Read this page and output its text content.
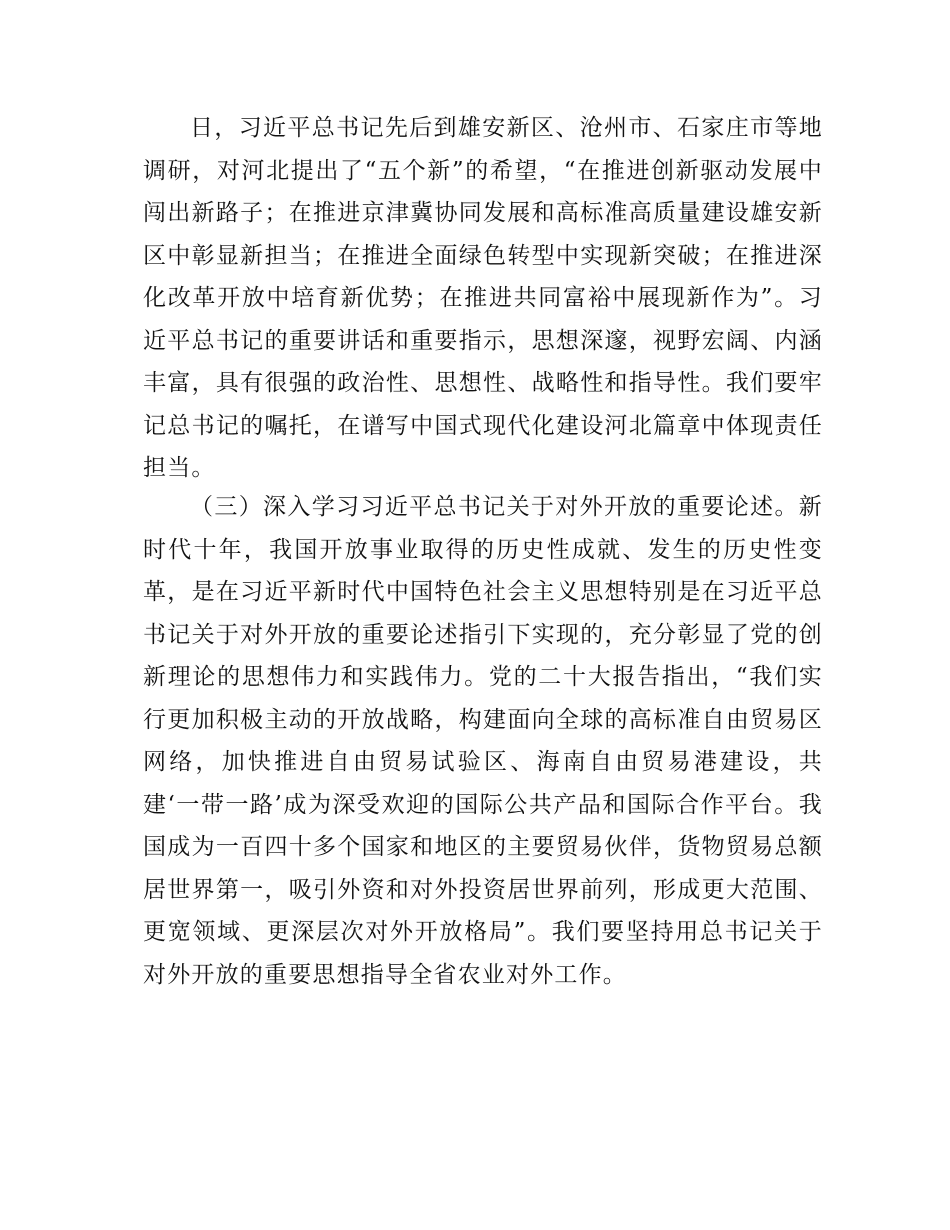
日，习近平总书记先后到雄安新区、沧州市、石家庄市等地调研，对河北提出了“五个新”的希望，“在推进创新驱动发展中闯出新路子；在推进京津冀协同发展和高标准高质量建设雄安新区中彰显新担当；在推进全面绿色转型中实现新突破；在推进深化改革开放中培育新优势；在推进共同富裕中展现新作为”。习近平总书记的重要讲话和重要指示，思想深邃，视野宏阔、内涵丰富，具有很强的政治性、思想性、战略性和指导性。我们要牢记总书记的嘱托，在谱写中国式现代化建设河北篇章中体现责任担当。

（三）深入学习习近平总书记关于对外开放的重要论述。新时代十年，我国开放事业取得的历史性成就、发生的历史性变革，是在习近平新时代中国特色社会主义思想特别是在习近平总书记关于对外开放的重要论述指引下实现的，充分彰显了党的创新理论的思想伟力和实践伟力。党的二十大报告指出，“我们实行更加积极主动的开放战略，构建面向全球的高标准自由贸易区网络，加快推进自由贸易试验区、海南自由贸易港建设，共建‘一带一路’成为深受欢迎的国际公共产品和国际合作平台。我国成为一百四十多个国家和地区的主要贸易伙伴，货物贸易总额居世界第一，吸引外资和对外投资居世界前列，形成更大范围、更宽领域、更深层次对外开放格局”。我们要坚持用总书记关于对外开放的重要思想指导全省农业对外工作。
